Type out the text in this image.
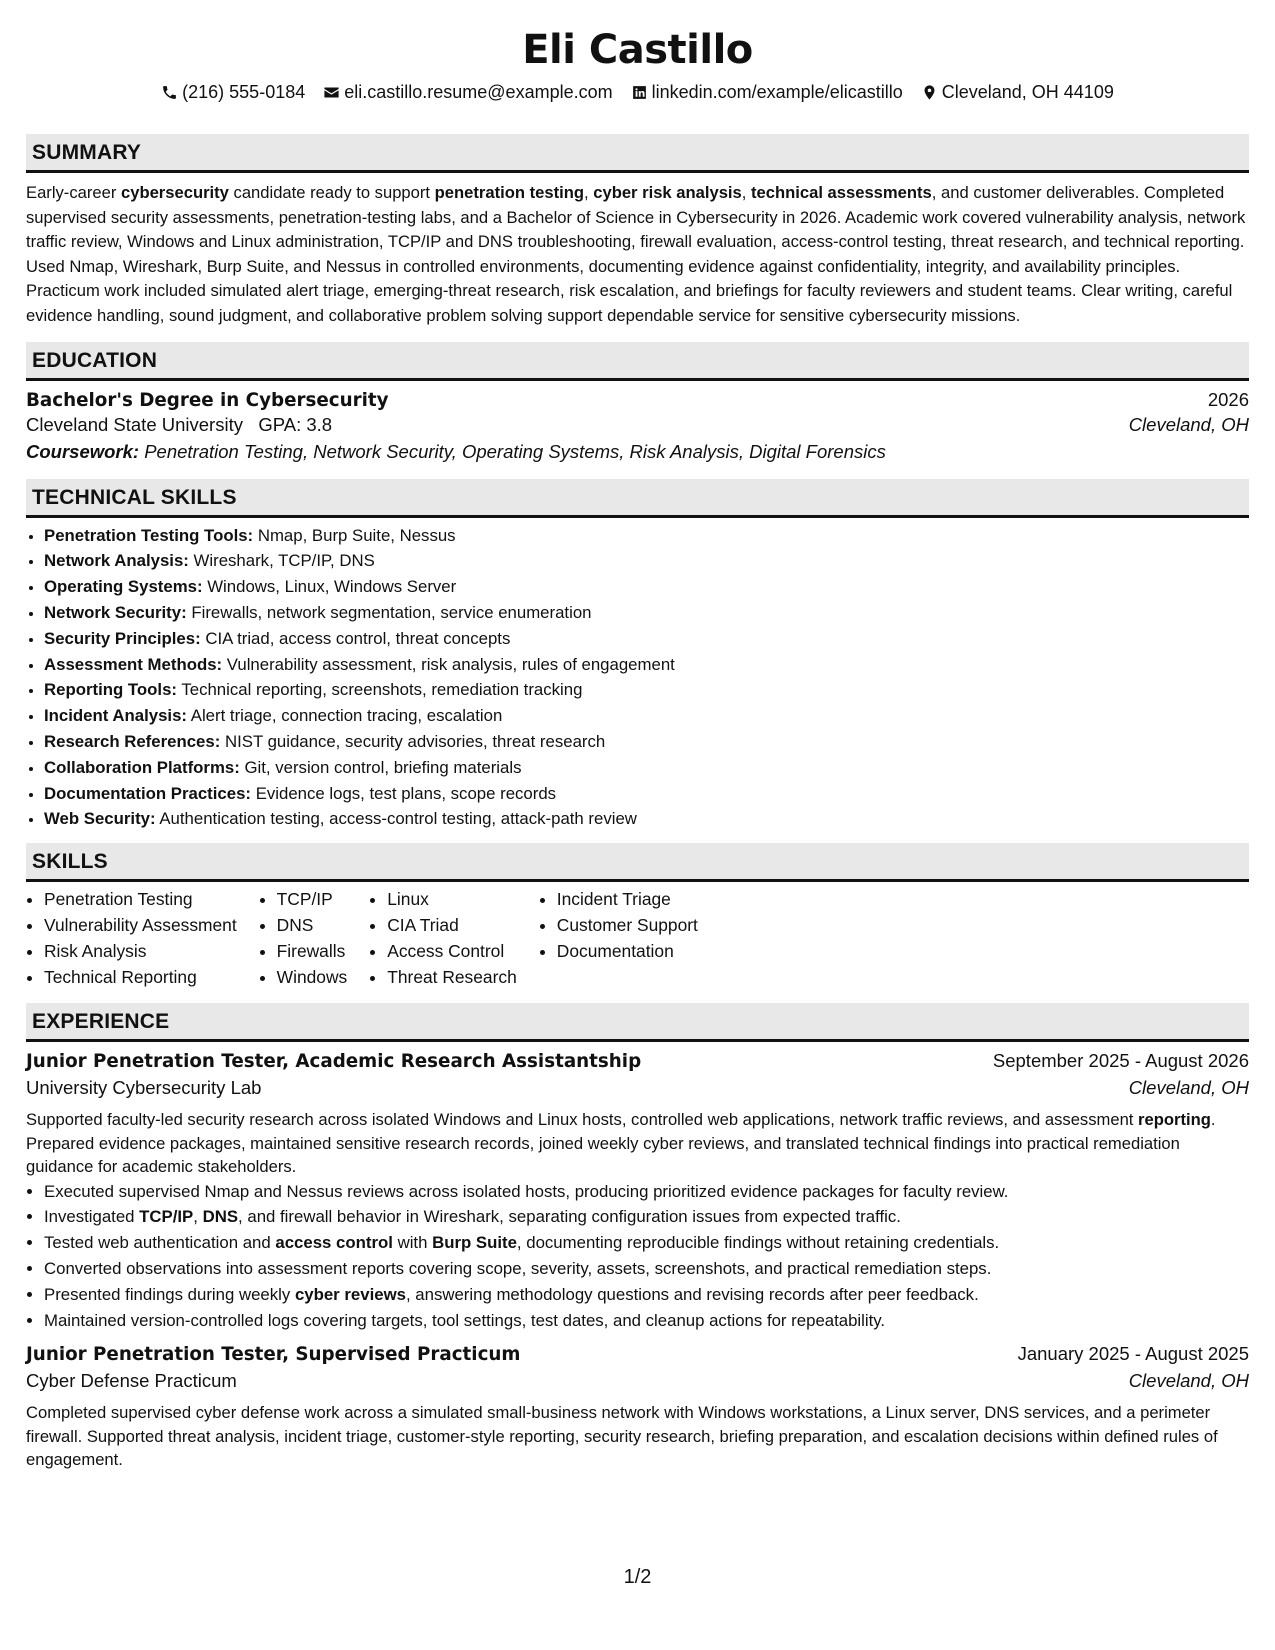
Eli Castillo
(216) 555-0184 eli.castillo.resume@example.com linkedin.com/example/elicastillo Cleveland, OH 44109
SUMMARY

Early-career cybersecurity candidate ready to support penetration testing, cyber risk analysis, technical assessments, and customer deliverables. Completed supervised security assessments, penetration-testing labs, and a Bachelor of Science in Cybersecurity in 2026. Academic work covered vulnerability analysis, network traffic review, Windows and Linux administration, TCP/IP and DNS troubleshooting, firewall evaluation, access-control testing, threat research, and technical reporting. Used Nmap, Wireshark, Burp Suite, and Nessus in controlled environments, documenting evidence against confidentiality, integrity, and availability principles. Practicum work included simulated alert triage, emerging-threat research, risk escalation, and briefings for faculty reviewers and student teams. Clear writing, careful evidence handling, sound judgment, and collaborative problem solving support dependable service for sensitive cybersecurity missions.

EDUCATION
Bachelor's Degree in Cybersecurity	2026
Cleveland State University GPA: 3.8	Cleveland, OH
Coursework: Penetration Testing, Network Security, Operating Systems, Risk Analysis, Digital Forensics
TECHNICAL SKILLS
• Penetration Testing Tools: Nmap, Burp Suite, Nessus
• Network Analysis: Wireshark, TCP/IP, DNS
• Operating Systems: Windows, Linux, Windows Server
• Network Security: Firewalls, network segmentation, service enumeration
• Security Principles: CIA triad, access control, threat concepts
• Assessment Methods: Vulnerability assessment, risk analysis, rules of engagement
• Reporting Tools: Technical reporting, screenshots, remediation tracking
• Incident Analysis: Alert triage, connection tracing, escalation
• Research References: NIST guidance, security advisories, threat research
• Collaboration Platforms: Git, version control, briefing materials
• Documentation Practices: Evidence logs, test plans, scope records
• Web Security: Authentication testing, access-control testing, attack-path review
SKILLS
• Penetration Testing
• Vulnerability Assessment
• Risk Analysis
• Technical Reporting
• TCP/IP
• DNS
• Firewalls
• Windows
• Linux
• CIA Triad
• Access Control
• Threat Research
• Incident Triage
• Customer Support
• Documentation
EXPERIENCE
Junior Penetration Tester, Academic Research Assistantship	September 2025 - August 2026
University Cybersecurity Lab	Cleveland, OH

Supported faculty-led security research across isolated Windows and Linux hosts, controlled web applications, network traffic reviews, and assessment reporting. Prepared evidence packages, maintained sensitive research records, joined weekly cyber reviews, and translated technical findings into practical remediation guidance for academic stakeholders.

• Executed supervised Nmap and Nessus reviews across isolated hosts, producing prioritized evidence packages for faculty review.
• Investigated TCP/IP, DNS, and firewall behavior in Wireshark, separating configuration issues from expected traffic.
• Tested web authentication and access control with Burp Suite, documenting reproducible findings without retaining credentials.
• Converted observations into assessment reports covering scope, severity, assets, screenshots, and practical remediation steps.
• Presented findings during weekly cyber reviews, answering methodology questions and revising records after peer feedback.
• Maintained version-controlled logs covering targets, tool settings, test dates, and cleanup actions for repeatability.
Junior Penetration Tester, Supervised Practicum	January 2025 - August 2025
Cyber Defense Practicum	Cleveland, OH

Completed supervised cyber defense work across a simulated small-business network with Windows workstations, a Linux server, DNS services, and a perimeter firewall. Supported threat analysis, incident triage, customer-style reporting, security research, briefing preparation, and escalation decisions within defined rules of engagement.

1/2
